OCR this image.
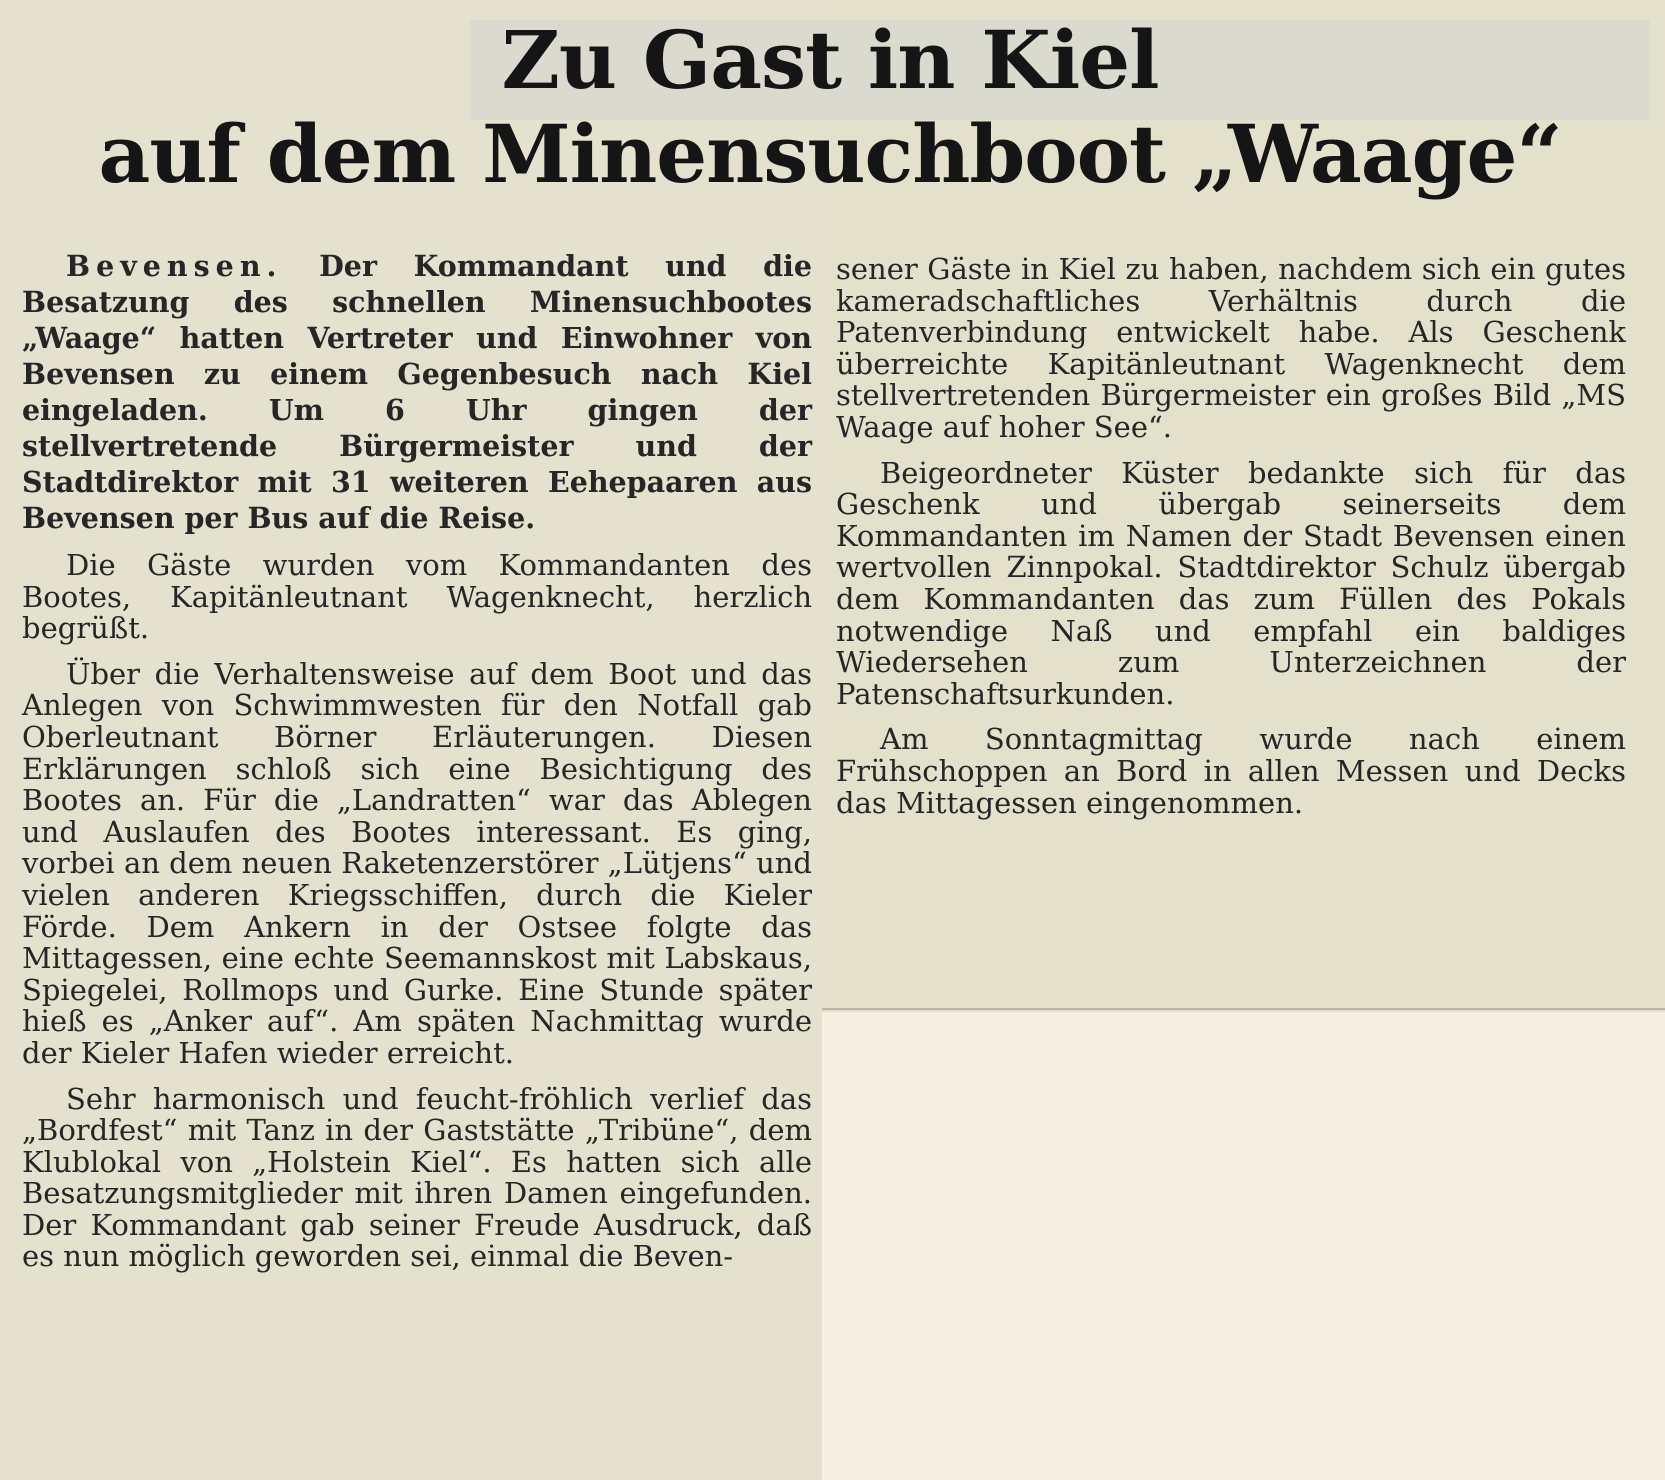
Zu Gast in Kiel
auf dem Minensuchboot „Waage“

Bevensen. Der Kommandant und die Besatzung des schnellen Minensuchbootes „Waage“ hatten Vertreter und Einwohner von Bevensen zu einem Gegenbesuch nach Kiel eingeladen. Um 6 Uhr gingen der stellvertretende Bürgermeister und der Stadtdirektor mit 31 weiteren Eehepaaren aus Bevensen per Bus auf die Reise.

Die Gäste wurden vom Kommandanten des Bootes, Kapitänleutnant Wagenknecht, herzlich begrüßt.

Über die Verhaltensweise auf dem Boot und das Anlegen von Schwimmwesten für den Notfall gab Oberleutnant Börner Erläuterungen. Diesen Erklärungen schloß sich eine Besichtigung des Bootes an. Für die „Landratten“ war das Ablegen und Auslaufen des Bootes interessant. Es ging, vorbei an dem neuen Raketenzerstörer „Lütjens“ und vielen anderen Kriegsschiffen, durch die Kieler Förde. Dem Ankern in der Ostsee folgte das Mittagessen, eine echte Seemannskost mit Labskaus, Spiegelei, Rollmops und Gurke. Eine Stunde später hieß es „Anker auf“. Am späten Nachmittag wurde der Kieler Hafen wieder erreicht.

Sehr harmonisch und feucht-fröhlich verlief das „Bordfest“ mit Tanz in der Gaststätte „Tribüne“, dem Klublokal von „Holstein Kiel“. Es hatten sich alle Besatzungsmitglieder mit ihren Damen eingefunden. Der Kommandant gab seiner Freude Ausdruck, daß es nun möglich geworden sei, einmal die Beven-

sener Gäste in Kiel zu haben, nachdem sich ein gutes kameradschaftliches Verhältnis durch die Patenverbindung entwickelt habe. Als Geschenk überreichte Kapitänleutnant Wagenknecht dem stellvertretenden Bürgermeister ein großes Bild „MS Waage auf hoher See“.

Beigeordneter Küster bedankte sich für das Geschenk und übergab seinerseits dem Kommandanten im Namen der Stadt Bevensen einen wertvollen Zinnpokal. Stadtdirektor Schulz übergab dem Kommandanten das zum Füllen des Pokals notwendige Naß und empfahl ein baldiges Wiedersehen zum Unterzeichnen der Patenschaftsurkunden.

Am Sonntagmittag wurde nach einem Frühschoppen an Bord in allen Messen und Decks das Mittagessen eingenommen.
